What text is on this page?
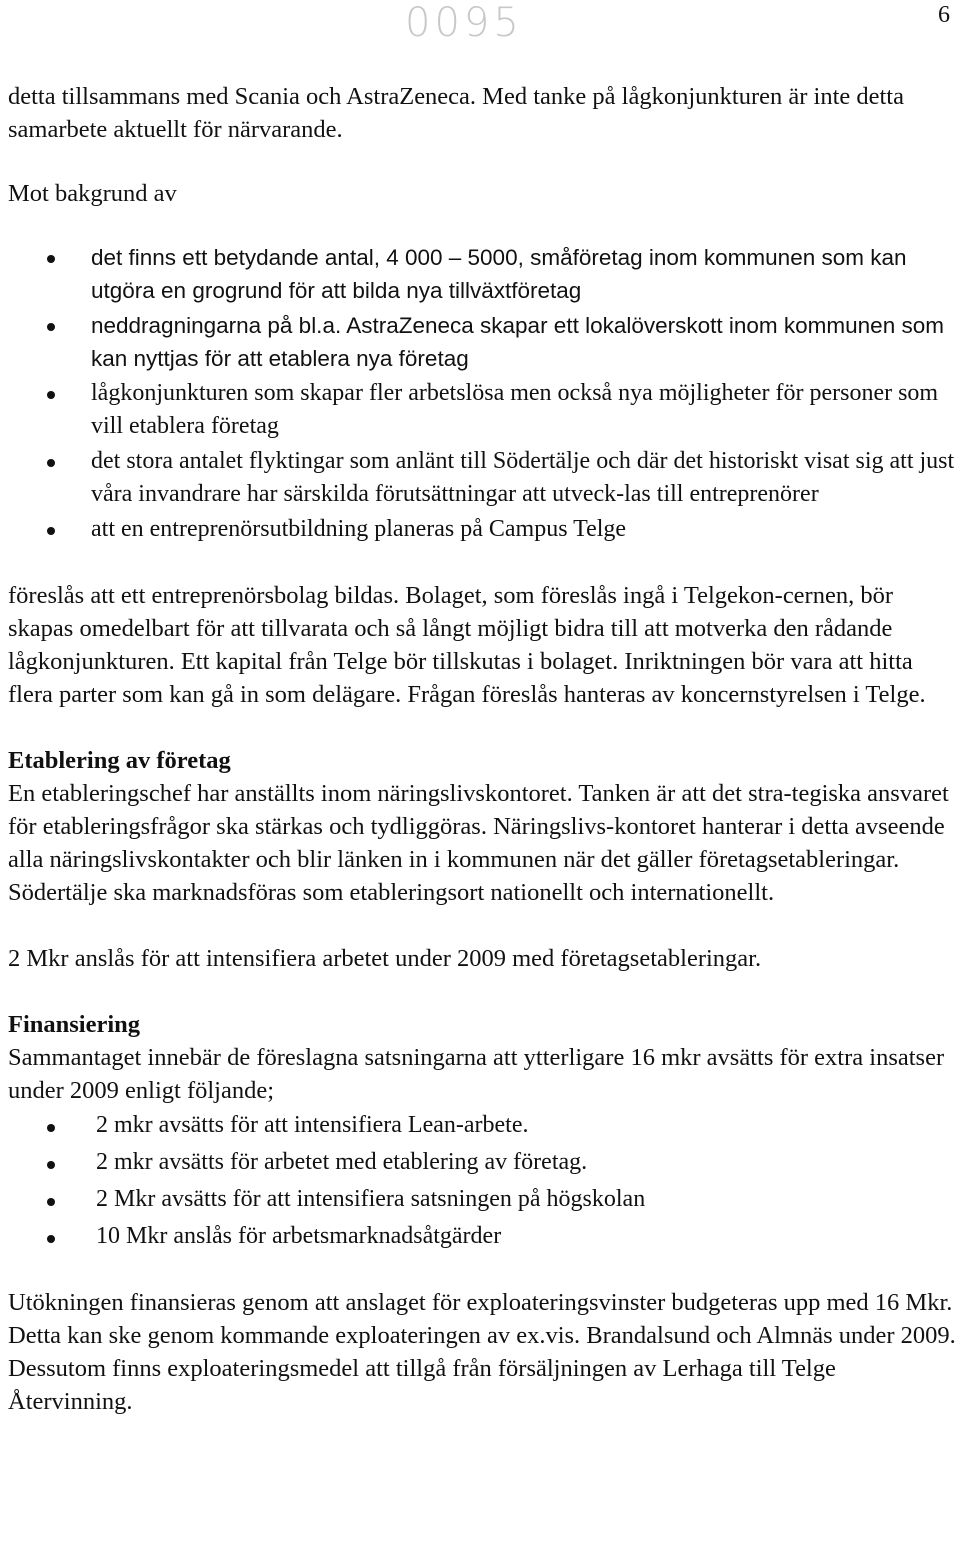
0095	6

detta tillsammans med Scania och AstraZeneca. Med tanke på lågkonjunkturen är inte detta samarbete aktuellt för närvarande.

Mot bakgrund av

det finns ett betydande antal, 4 000 – 5000, småföretag inom kommunen som kan utgöra en grogrund för att bilda nya tillväxtföretag
neddragningarna på bl.a. AstraZeneca skapar ett lokalöverskott inom kommunen som kan nyttjas för att etablera nya företag
lågkonjunkturen som skapar fler arbetslösa men också nya möjligheter för personer som vill etablera företag
det stora antalet flyktingar som anlänt till Södertälje och där det historiskt visat sig att just våra invandrare har särskilda förutsättningar att utveck-las till entreprenörer
att en entreprenörsutbildning planeras på Campus Telge

föreslås att ett entreprenörsbolag bildas. Bolaget, som föreslås ingå i Telgekon-cernen, bör skapas omedelbart för att tillvarata och så långt möjligt bidra till att motverka den rådande lågkonjunkturen. Ett kapital från Telge bör tillskutas i bolaget. Inriktningen bör vara att hitta flera parter som kan gå in som delägare. Frågan föreslås hanteras av koncernstyrelsen i Telge.

Etablering av företag

En etableringschef har anställts inom näringslivskontoret. Tanken är att det stra-tegiska ansvaret för etableringsfrågor ska stärkas och tydliggöras. Näringslivs-kontoret hanterar i detta avseende alla näringslivskontakter och blir länken in i kommunen när det gäller företagsetableringar. Södertälje ska marknadsföras som etableringsort nationellt och internationellt.

2 Mkr anslås för att intensifiera arbetet under 2009 med företagsetableringar.

Finansiering

Sammantaget innebär de föreslagna satsningarna att ytterligare 16 mkr avsätts för extra insatser under 2009 enligt följande;

2 mkr avsätts för att intensifiera Lean-arbete.
2 mkr avsätts för arbetet med etablering av företag.
2 Mkr avsätts för att intensifiera satsningen på högskolan
10 Mkr anslås för arbetsmarknadsåtgärder

Utökningen finansieras genom att anslaget för exploateringsvinster budgeteras upp med 16 Mkr. Detta kan ske genom kommande exploateringen av ex.vis. Brandalsund och Almnäs under 2009. Dessutom finns exploateringsmedel att tillgå från försäljningen av Lerhaga till Telge Återvinning.
